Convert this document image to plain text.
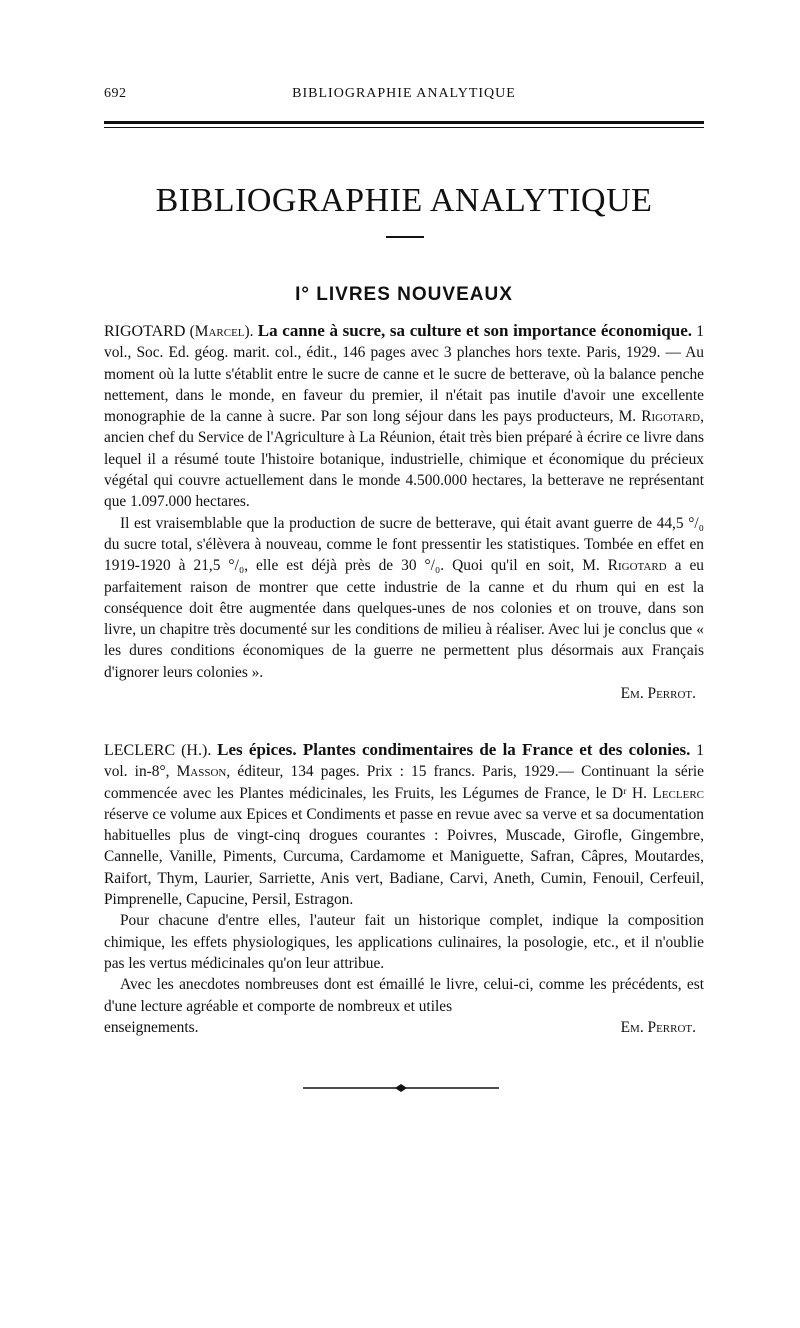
692	BIBLIOGRAPHIE ANALYTIQUE
BIBLIOGRAPHIE ANALYTIQUE
I° LIVRES NOUVEAUX

RIGOTARD (Marcel). La canne à sucre, sa culture et son importance économique. 1 vol., Soc. Ed. géog. marit. col., édit., 146 pages avec 3 planches hors texte. Paris, 1929. — Au moment où la lutte s'établit entre le sucre de canne et le sucre de betterave, où la balance penche nettement, dans le monde, en faveur du premier, il n'était pas inutile d'avoir une excellente monographie de la canne à sucre. Par son long séjour dans les pays producteurs, M. Rigotard, ancien chef du Service de l'Agriculture à La Réunion, était très bien préparé à écrire ce livre dans lequel il a résumé toute l'histoire botanique, industrielle, chimique et économique du précieux végétal qui couvre actuellement dans le monde 4.500.000 hectares, la betterave ne représentant que 1.097.000 hectares.

Il est vraisemblable que la production de sucre de betterave, qui était avant guerre de 44,5 °/₀ du sucre total, s'élèvera à nouveau, comme le font pressentir les statistiques. Tombée en effet en 1919-1920 à 21,5 °/₀, elle est déjà près de 30 °/₀. Quoi qu'il en soit, M. Rigotard a eu parfaitement raison de montrer que cette industrie de la canne et du rhum qui en est la conséquence doit être augmentée dans quelques-unes de nos colonies et on trouve, dans son livre, un chapitre très documenté sur les conditions de milieu à réaliser. Avec lui je conclus que « les dures conditions économiques de la guerre ne permettent plus désormais aux Français d'ignorer leurs colonies ».

Em. Perrot.

LECLERC (H.). Les épices. Plantes condimentaires de la France et des colonies. 1 vol. in-8°, Masson, éditeur, 134 pages. Prix : 15 francs. Paris, 1929.— Continuant la série commencée avec les Plantes médicinales, les Fruits, les Légumes de France, le Dʳ H. Leclerc réserve ce volume aux Epices et Condiments et passe en revue avec sa verve et sa documentation habituelles plus de vingt-cinq drogues courantes : Poivres, Muscade, Girofle, Gingembre, Cannelle, Vanille, Piments, Curcuma, Cardamome et Maniguette, Safran, Câpres, Moutardes, Raifort, Thym, Laurier, Sarriette, Anis vert, Badiane, Carvi, Aneth, Cumin, Fenouil, Cerfeuil, Pimprenelle, Capucine, Persil, Estragon.

Pour chacune d'entre elles, l'auteur fait un historique complet, indique la composition chimique, les effets physiologiques, les applications culinaires, la posologie, etc., et il n'oublie pas les vertus médicinales qu'on leur attribue.

Avec les anecdotes nombreuses dont est émaillé le livre, celui-ci, comme les précédents, est d'une lecture agréable et comporte de nombreux et utiles

enseignements.	Em. Perrot.
